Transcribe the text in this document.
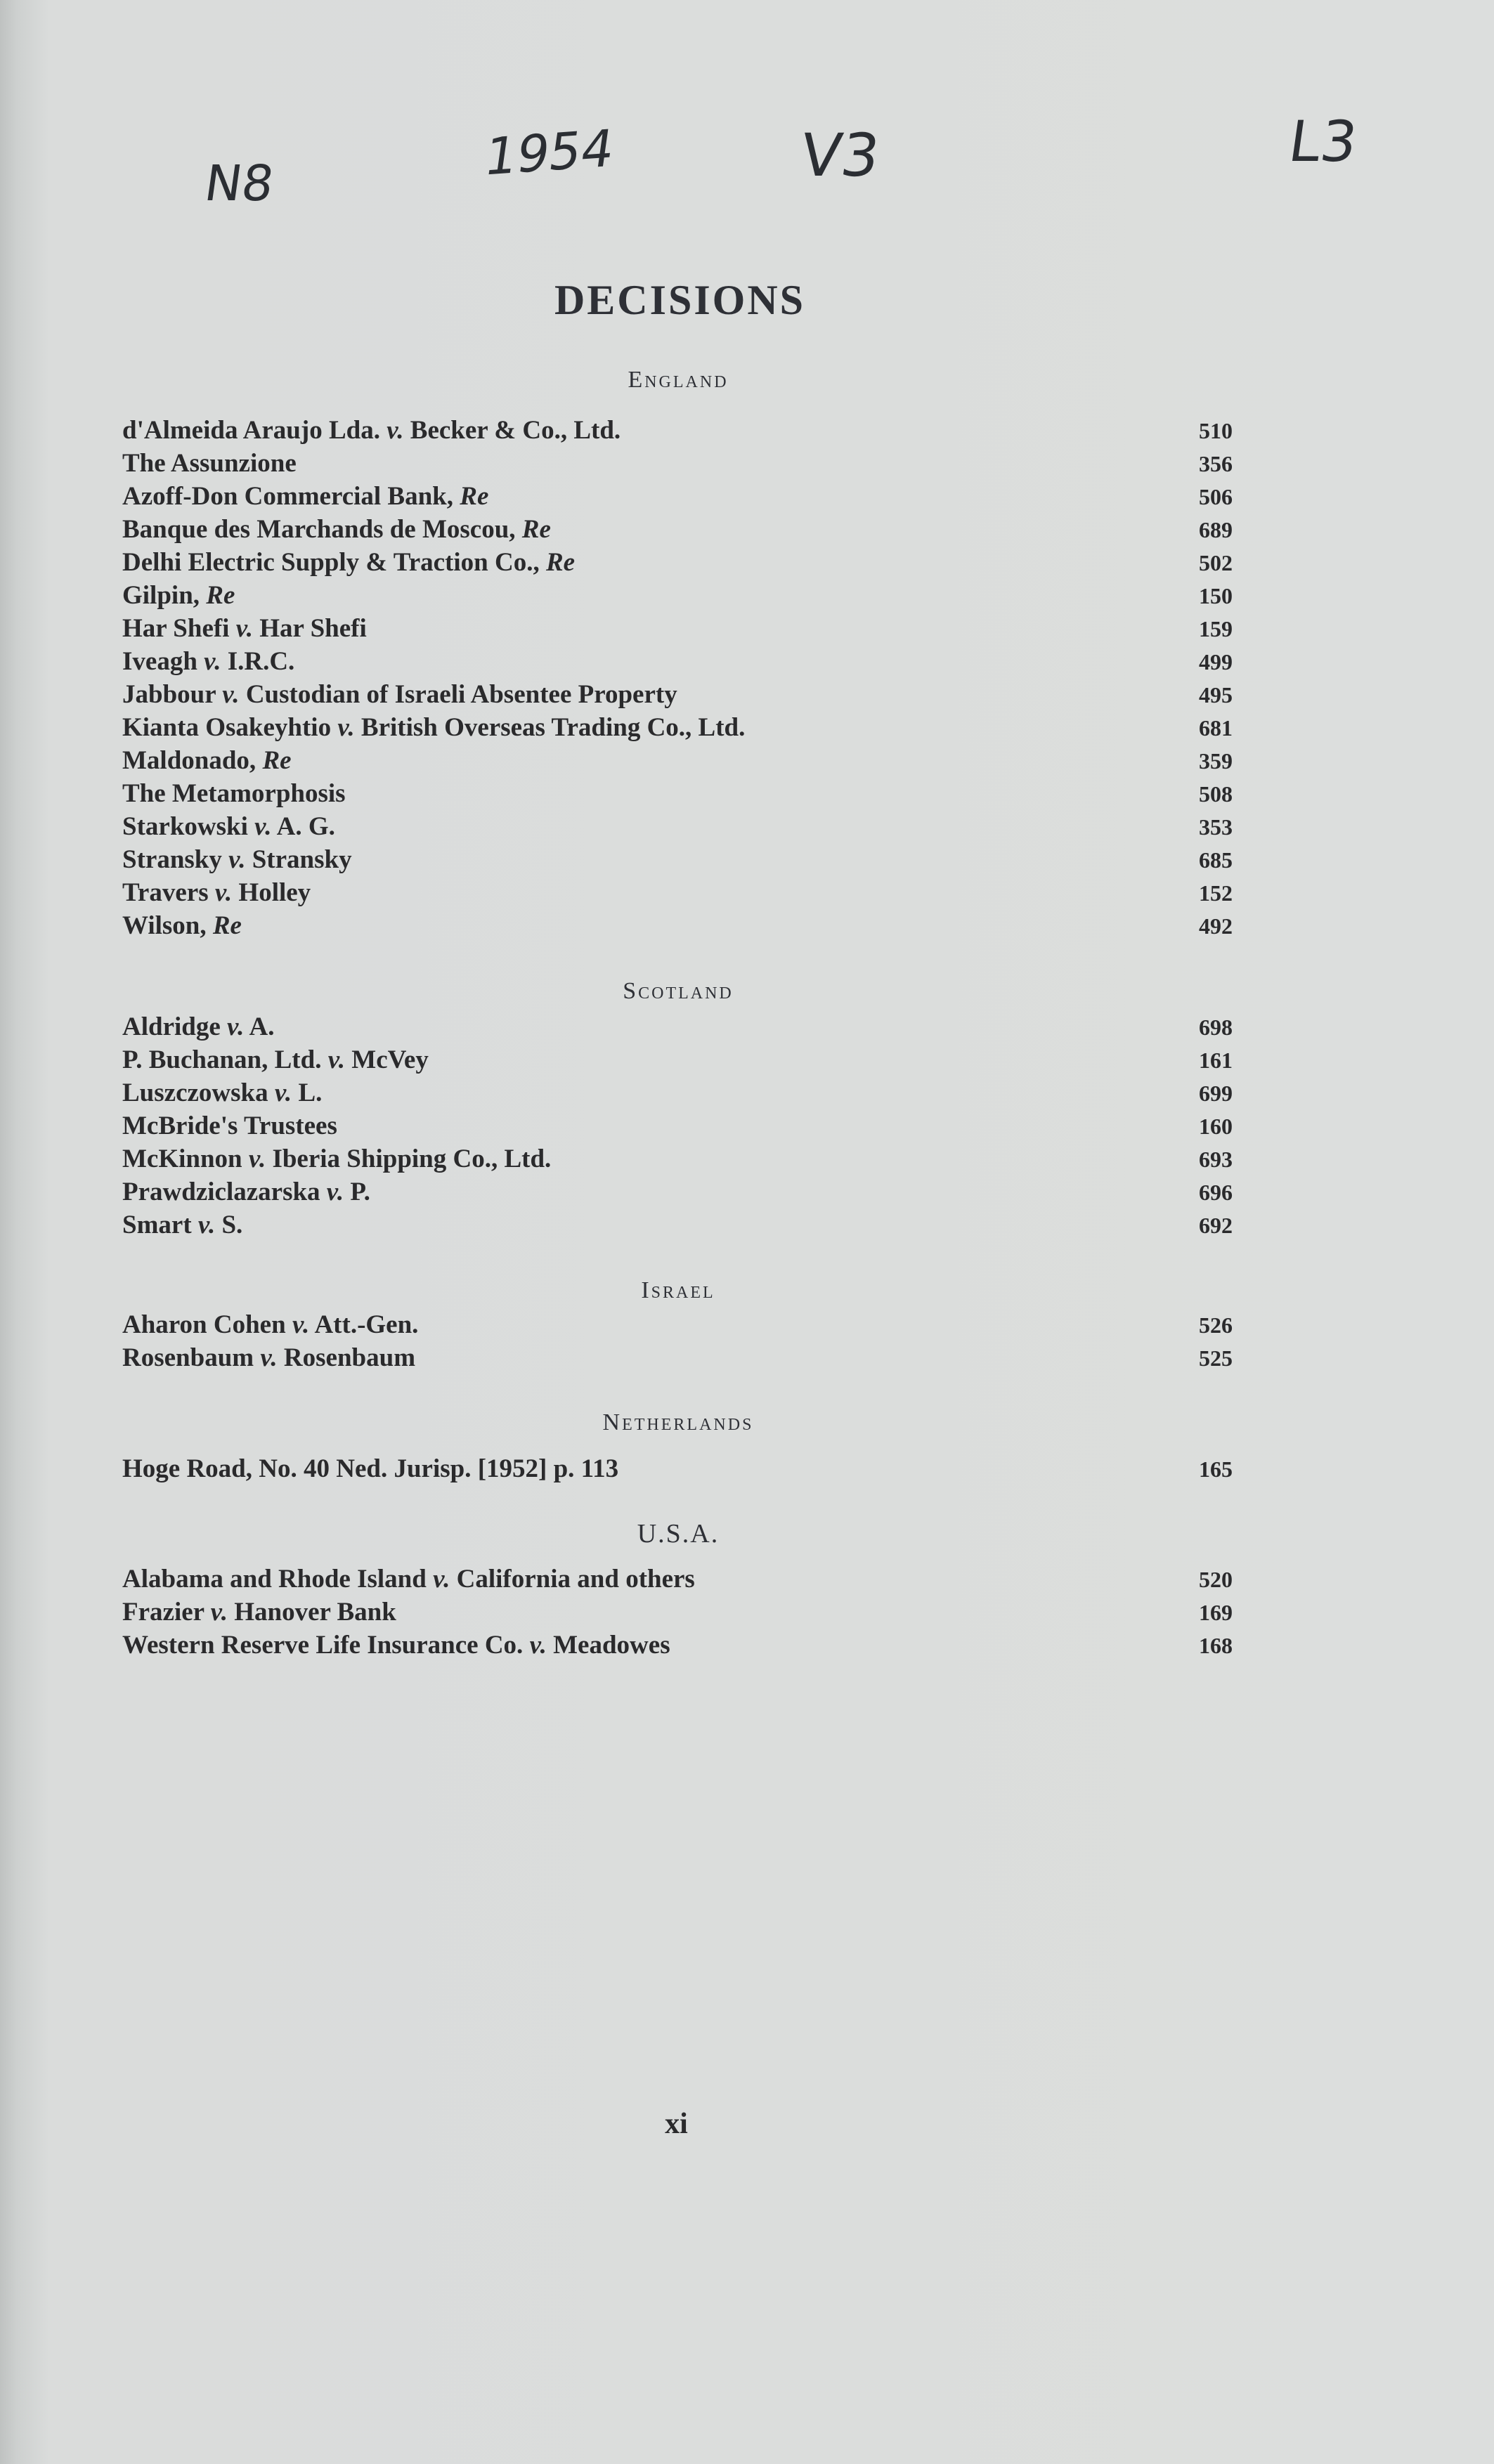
N8	1954	V3	L3
DECISIONS
England
d'Almeida Araujo Lda. v. Becker & Co., Ltd.	510
The Assunzione	356
Azoff-Don Commercial Bank, Re	506
Banque des Marchands de Moscou, Re	689
Delhi Electric Supply & Traction Co., Re	502
Gilpin, Re	150
Har Shefi v. Har Shefi	159
Iveagh v. I.R.C.	499
Jabbour v. Custodian of Israeli Absentee Property	495
Kianta Osakeyhtio v. British Overseas Trading Co., Ltd.	681
Maldonado, Re	359
The Metamorphosis	508
Starkowski v. A. G.	353
Stransky v. Stransky	685
Travers v. Holley	152
Wilson, Re	492
Scotland
Aldridge v. A.	698
P. Buchanan, Ltd. v. McVey	161
Luszczowska v. L.	699
McBride's Trustees	160
McKinnon v. Iberia Shipping Co., Ltd.	693
Prawdziclazarska v. P.	696
Smart v. S.	692
Israel
Aharon Cohen v. Att.-Gen.	526
Rosenbaum v. Rosenbaum	525
Netherlands
Hoge Road, No. 40 Ned. Jurisp. [1952] p. 113	165
U.S.A.
Alabama and Rhode Island v. California and others	520
Frazier v. Hanover Bank	169
Western Reserve Life Insurance Co. v. Meadowes	168
xi
